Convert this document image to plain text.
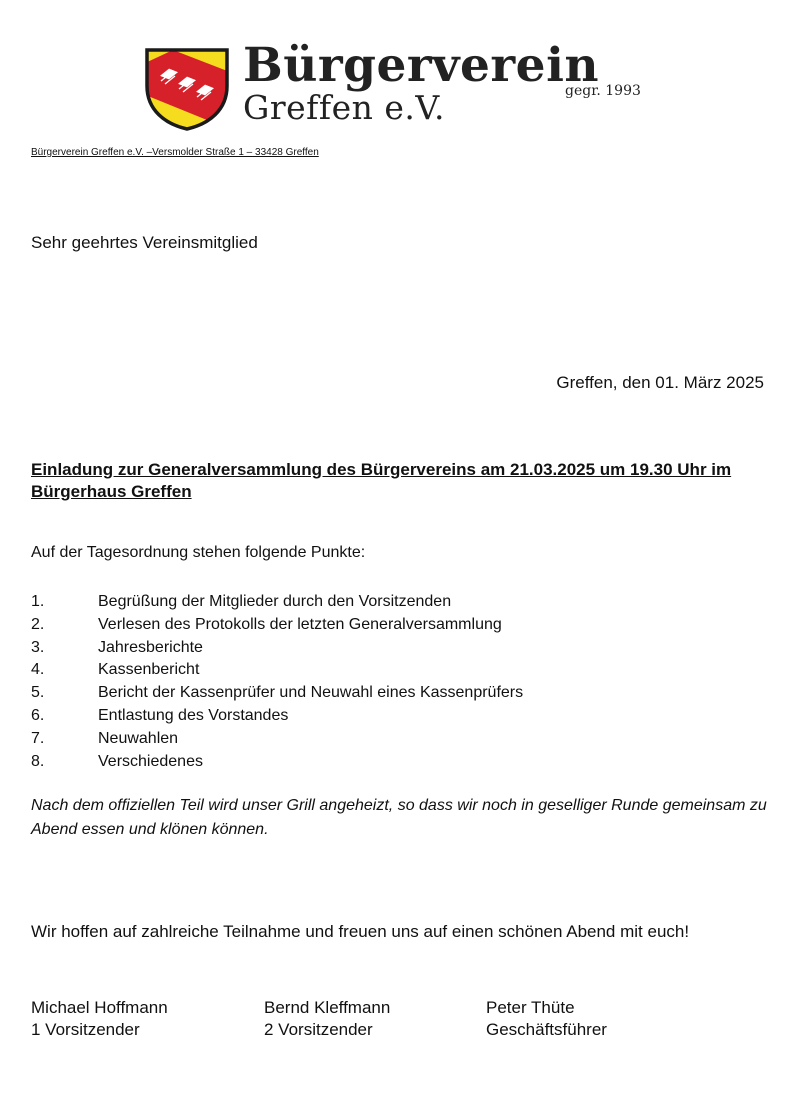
Bürgerverein
Greffen e.V.	gegr. 1993
Bürgerverein Greffen e.V. –Versmolder Straße 1 – 33428 Greffen
Sehr geehrtes Vereinsmitglied
Greffen, den 01. März 2025
Einladung zur Generalversammlung des Bürgervereins am 21.03.2025 um 19.30 Uhr im Bürgerhaus Greffen
Auf der Tagesordnung stehen folgende Punkte:
1.	Begrüßung der Mitglieder durch den Vorsitzenden
2.	Verlesen des Protokolls der letzten Generalversammlung
3.	Jahresberichte
4.	Kassenbericht
5.	Bericht der Kassenprüfer und Neuwahl eines Kassenprüfers
6.	Entlastung des Vorstandes
7.	Neuwahlen
8.	Verschiedenes
Nach dem offiziellen Teil wird unser Grill angeheizt, so dass wir noch in geselliger Runde gemeinsam zu Abend essen und klönen können.
Wir hoffen auf zahlreiche Teilnahme und freuen uns auf einen schönen Abend mit euch!
Michael Hoffmann
1 Vorsitzender
Bernd Kleffmann
2 Vorsitzender
Peter Thüte
Geschäftsführer
